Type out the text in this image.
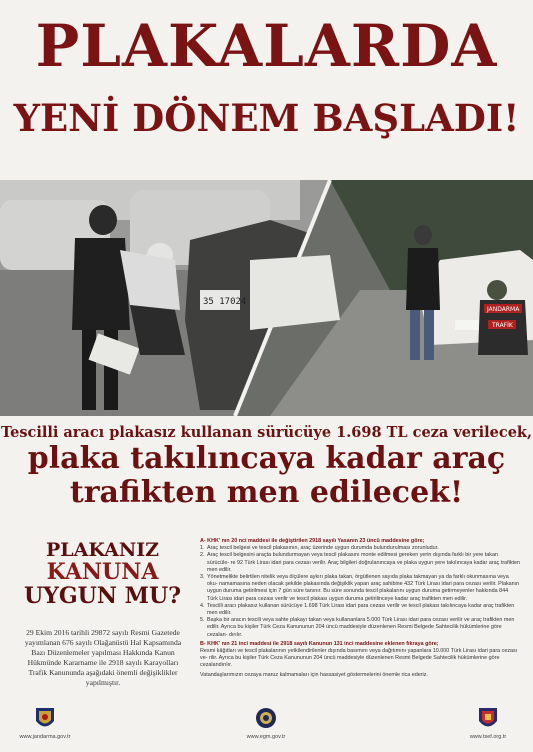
PLAKALARDA
YENİ DÖNEM BAŞLADI!
35 17024
JANDARMA
TRAFİK
Tescilli aracı plakasız kullanan sürücüye 1.698 TL ceza verilecek,
plaka takılıncaya kadar araç
trafikten men edilecek!
PLAKANIZ
KANUNA
UYGUN MU?
29 Ekim 2016 tarihli 29872 sayılı Resmi Gazetede yayımlanan 676 sayılı Olağanüstü Hal Kapsamında Bazı Düzenlemeler yapılması Hakkında Kanun Hükmünde Kararname ile 2918 sayılı Karayolları Trafik Kanununda aşağıdaki önemli değişiklikler yapılmıştır.
A- KHK' nın 20 nci maddesi ile değiştirilen 2918 sayılı Yasanın 23 üncü maddesine göre;
1. Araç tescil belgesi ve tescil plakasının, araç üzerinde uygun durumda bulundurulması zorunludur.
2. Araç tescil belgesini araçta bulundurmayan veya tescil plakasını monte edilmesi gereken yerin dışında farklı bir yere takan sürücüle- re 92 Türk Lirası idari para cezası verilir. Araç bilgileri doğrulanıncaya ve plaka uygun yere takılıncaya kadar araç trafikten men edilir.
3. Yönetmelikte belirtilen nitelik veya ölçülere aykırı plaka takan, örgütlenen sayıda plaka takmayan ya da farklı okunmasına veya oku- namamasına neden olacak şekilde plakasında değişiklik yapan araç sahibine 432 Türk Lirası idari para cezası verilir. Plakanın uygun duruma getirilmesi için 7 gün süre tanınır. Bu süre sonunda tescil plakalarını uygun duruma getirmeyenler hakkında 844 Türk Lirası idari para cezası verilir ve tescil plakası uygun duruma getirilinceye kadar araç trafikten men edilir.
4. Tescilli aracı plakasız kullanan sürücüye 1.698 Türk Lirası idari para cezası verilir ve tescil plakası takılıncaya kadar araç trafikten men edilir.
5. Başka bir aracın tescili veya sahte plakayı takan veya kullananlara 5.000 Türk Lirası idari para cezası verilir ve araç trafikten men edilir. Ayrıca bu kişiler Türk Ceza Kanununun 204 üncü maddesiyle düzenlenen Resmi Belgede Sahtecilik hükümlerine göre cezalan- dırılır.
B- KHK' nın 21 inci maddesi ile 2918 sayılı Kanunun 131 inci maddesine eklenen fıkraya göre;
Resmi kâğıtları ve tescil plakalarının yetkilendirilenler dışında basımını veya dağıtımını yapanlara 10.000 Türk Lirası idari para cezası ve- rilir. Ayrıca bu kişiler Türk Ceza Kanununun 204 üncü maddesiyle düzenlenen Resmi Belgede Sahtecilik hükümlerine göre cezalandırılır.
Vatandaşlarımızın cezaya maruz kalmamaları için hassasiyet göstermelerini önemle rica ederiz.
www.jandarma.gov.tr	www.egm.gov.tr	www.tsef.org.tr
